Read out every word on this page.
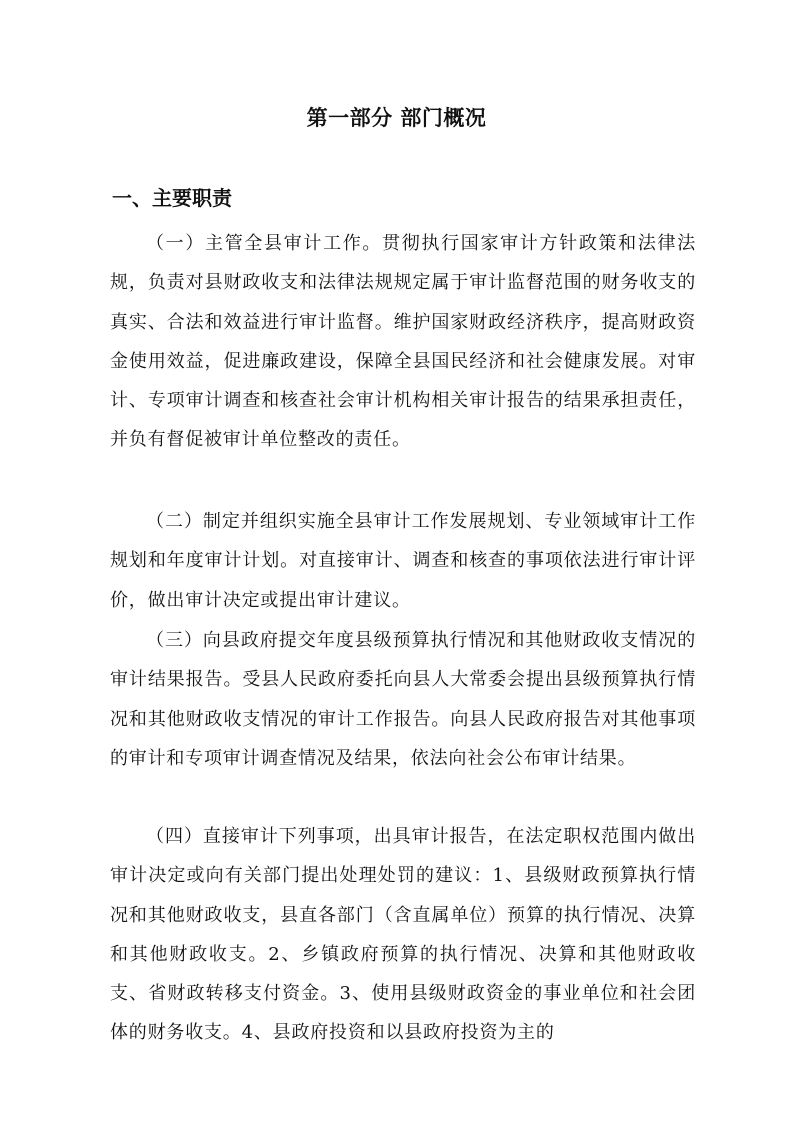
第一部分 部门概况
一、主要职责

（一）主管全县审计工作。贯彻执行国家审计方针政策和法律法规，负责对县财政收支和法律法规规定属于审计监督范围的财务收支的真实、合法和效益进行审计监督。维护国家财政经济秩序，提高财政资金使用效益，促进廉政建设，保障全县国民经济和社会健康发展。对审计、专项审计调查和核查社会审计机构相关审计报告的结果承担责任，并负有督促被审计单位整改的责任。

（二）制定并组织实施全县审计工作发展规划、专业领域审计工作规划和年度审计计划。对直接审计、调查和核查的事项依法进行审计评价，做出审计决定或提出审计建议。

（三）向县政府提交年度县级预算执行情况和其他财政收支情况的审计结果报告。受县人民政府委托向县人大常委会提出县级预算执行情况和其他财政收支情况的审计工作报告。向县人民政府报告对其他事项的审计和专项审计调查情况及结果，依法向社会公布审计结果。

（四）直接审计下列事项，出具审计报告，在法定职权范围内做出审计决定或向有关部门提出处理处罚的建议：1、县级财政预算执行情况和其他财政收支，县直各部门（含直属单位）预算的执行情况、决算和其他财政收支。2、乡镇政府预算的执行情况、决算和其他财政收支、省财政转移支付资金。3、使用县级财政资金的事业单位和社会团体的财务收支。4、县政府投资和以县政府投资为主的
